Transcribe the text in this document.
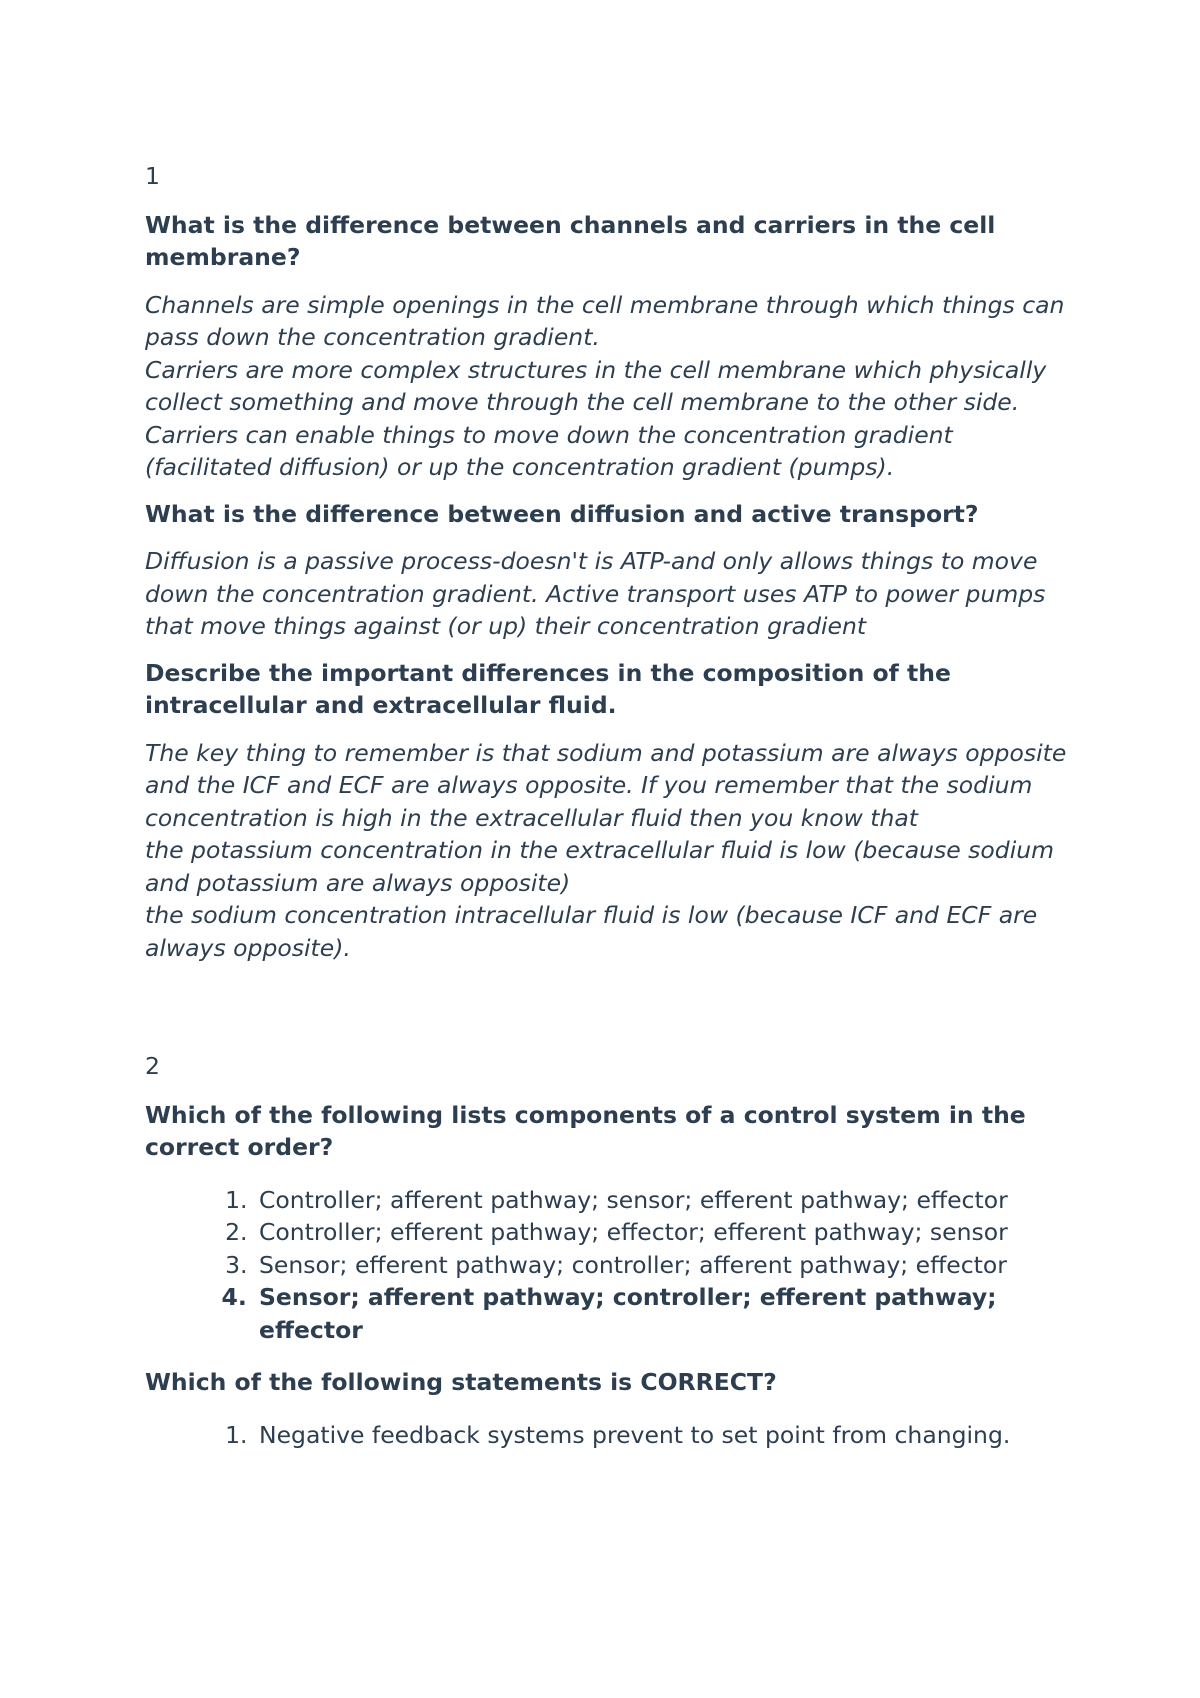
1
What is the difference between channels and carriers in the cell membrane?

Channels are simple openings in the cell membrane through which things can pass down the concentration gradient.

Carriers are more complex structures in the cell membrane which physically collect something and move through the cell membrane to the other side. Carriers can enable things to move down the concentration gradient (facilitated diffusion) or up the concentration gradient (pumps).

What is the difference between diffusion and active transport?

Diffusion is a passive process-doesn't is ATP-and only allows things to move down the concentration gradient. Active transport uses ATP to power pumps that move things against (or up) their concentration gradient

Describe the important differences in the composition of the intracellular and extracellular fluid.

The key thing to remember is that sodium and potassium are always opposite and the ICF and ECF are always opposite. If you remember that the sodium concentration is high in the extracellular fluid then you know that

the potassium concentration in the extracellular fluid is low (because sodium and potassium are always opposite)

the sodium concentration intracellular fluid is low (because ICF and ECF are always opposite).

2
Which of the following lists components of a control system in the correct order?
1. Controller; afferent pathway; sensor; efferent pathway; effector
2. Controller; efferent pathway; effector; efferent pathway; sensor
3. Sensor; efferent pathway; controller; afferent pathway; effector
4. Sensor; afferent pathway; controller; efferent pathway; effector
Which of the following statements is CORRECT?
1. Negative feedback systems prevent to set point from changing.
